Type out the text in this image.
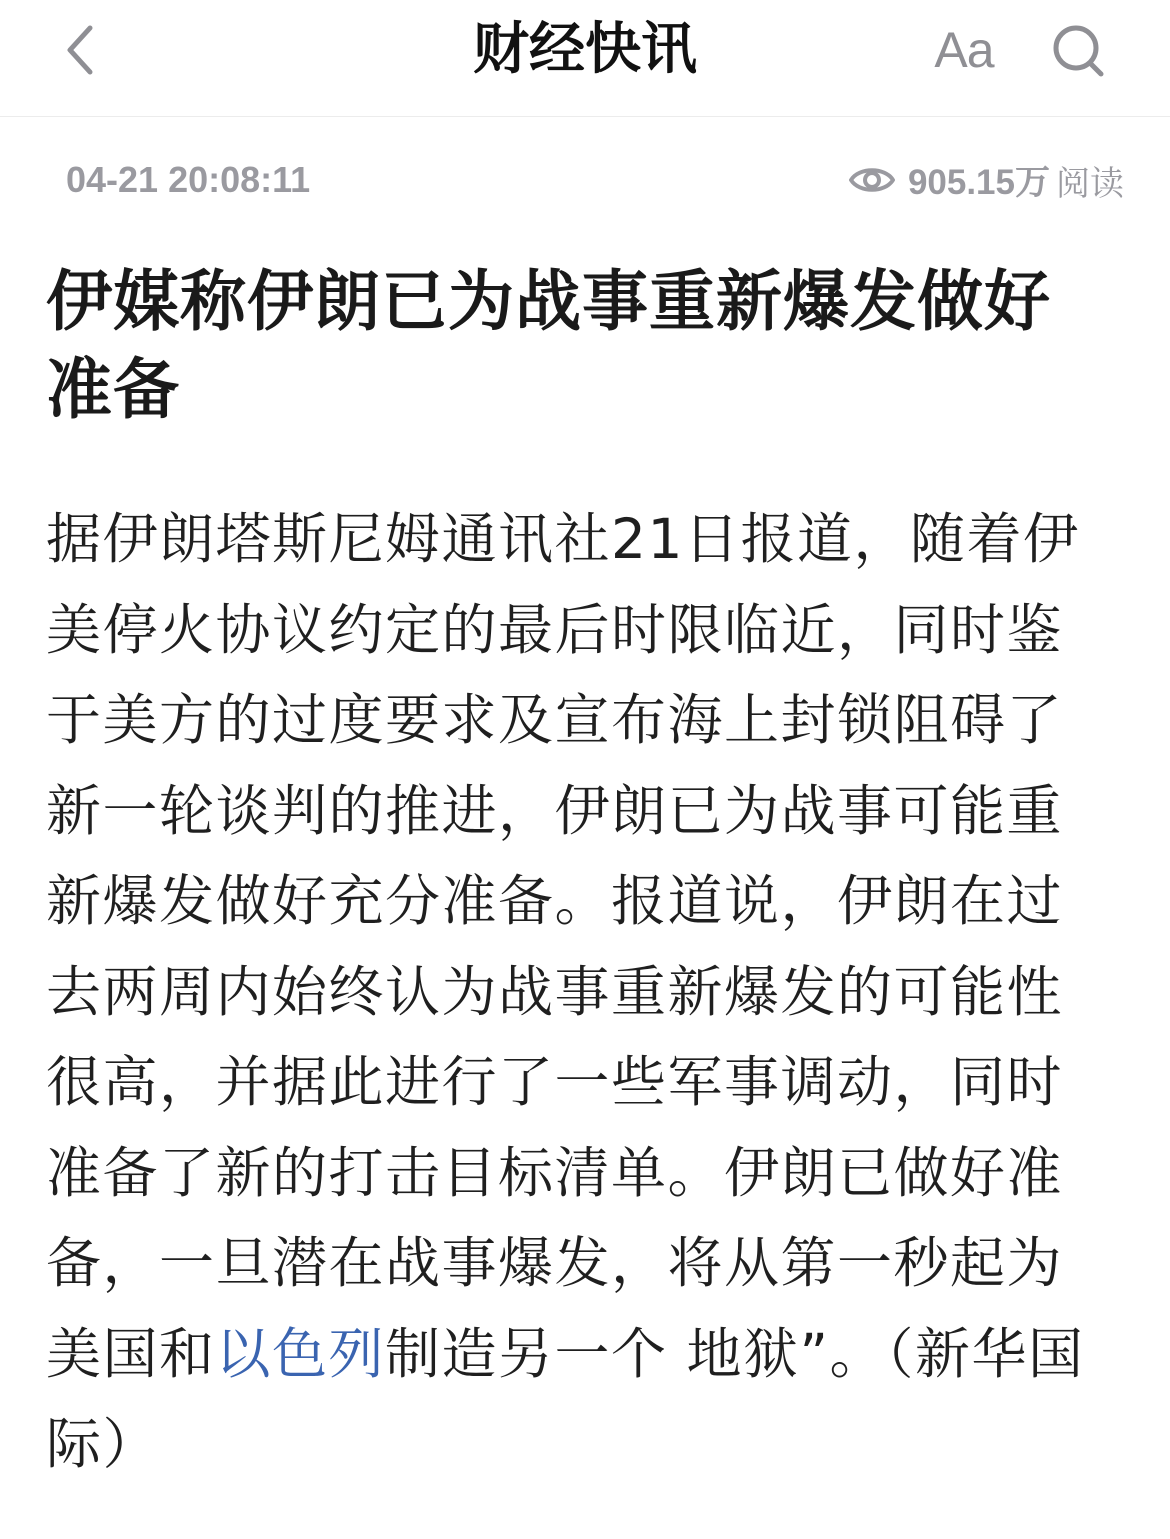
财经快讯	Aa
04-21 20:08:11	905.15万 阅读
伊媒称伊朗已为战事重新爆发做好
准备
据伊朗塔斯尼姆通讯社21日报道，随着伊
美停火协议约定的最后时限临近，同时鉴
于美方的过度要求及宣布海上封锁阻碍了
新一轮谈判的推进，伊朗已为战事可能重
新爆发做好充分准备。报道说，伊朗在过
去两周内始终认为战事重新爆发的可能性
很高，并据此进行了一些军事调动，同时
准备了新的打击目标清单。伊朗已做好准
备，一旦潜在战事爆发，将从第一秒起为
美国和以色列制造另一个 地狱”。（新华国
际）
